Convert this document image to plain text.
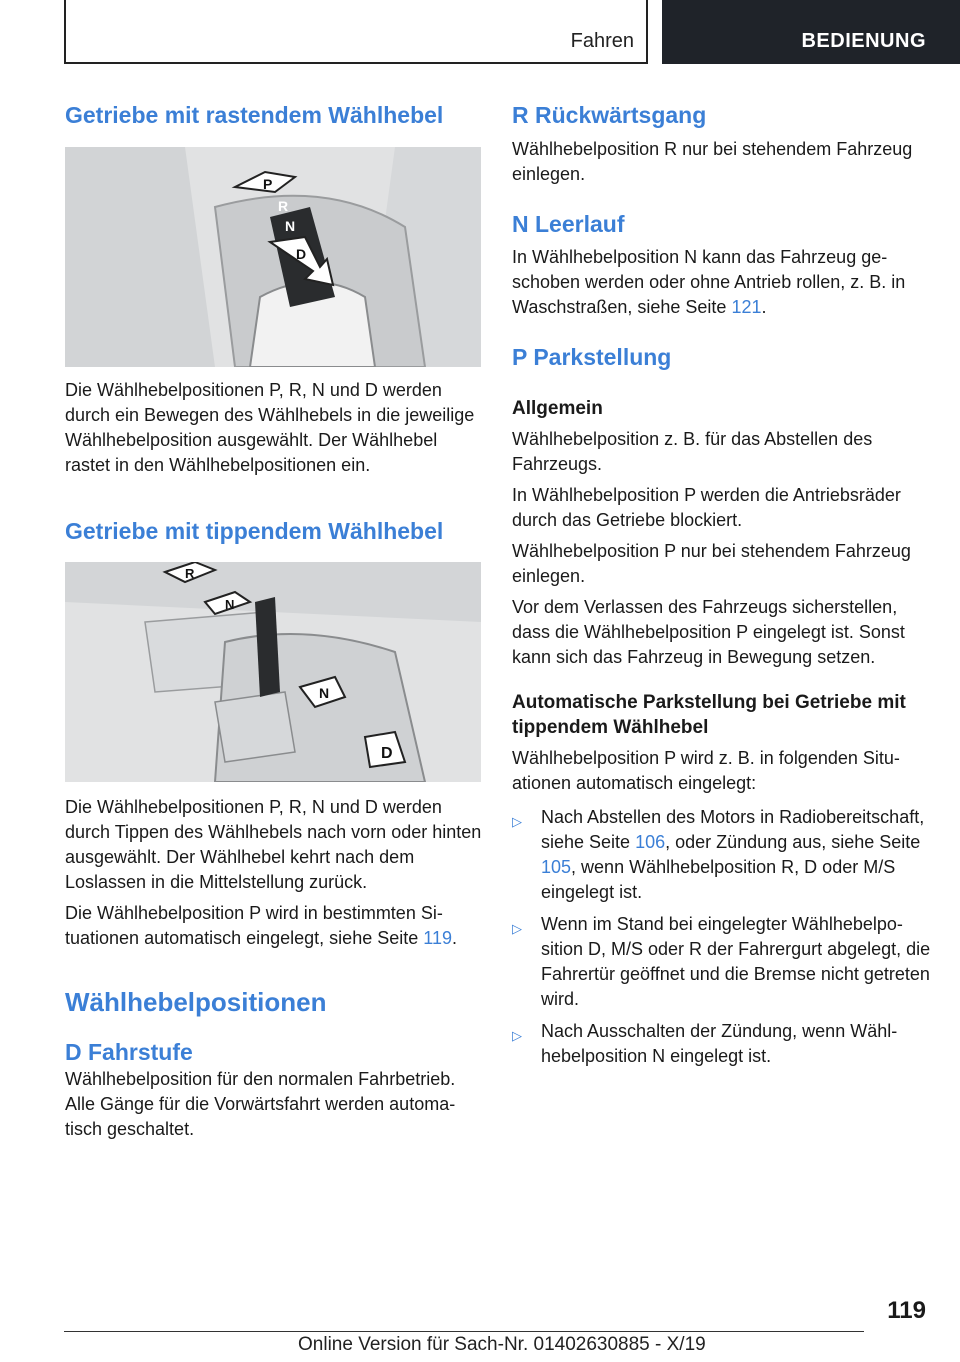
Fahren	BEDIENUNG
Getriebe mit rastendem Wählhebel
P
R
N
D

Die Wählhebelpositionen P, R, N und D werden durch ein Bewegen des Wählhebels in die jeweilige Wählhebelposition ausgewählt. Der Wählhebel rastet in den Wählhebelpositionen ein.

Getriebe mit tippendem Wählhebel
R
N
N
D

Die Wählhebelpositionen P, R, N und D werden durch Tippen des Wählhebels nach vorn oder hinten ausgewählt. Der Wählhebel kehrt nach dem Loslassen in die Mittelstellung zurück.

Die Wählhebelposition P wird in bestimmten Situationen automatisch eingelegt, siehe Seite 119.

Wählhebelpositionen
D Fahrstufe

Wählhebelposition für den normalen Fahrbetrieb. Alle Gänge für die Vorwärtsfahrt werden automatisch geschaltet.

R Rückwärtsgang

Wählhebelposition R nur bei stehendem Fahrzeug einlegen.

N Leerlauf

In Wählhebelposition N kann das Fahrzeug geschoben werden oder ohne Antrieb rollen, z. B. in Waschstraßen, siehe Seite 121.

P Parkstellung
Allgemein

Wählhebelposition z. B. für das Abstellen des Fahrzeugs.

In Wählhebelposition P werden die Antriebsräder durch das Getriebe blockiert.

Wählhebelposition P nur bei stehendem Fahrzeug einlegen.

Vor dem Verlassen des Fahrzeugs sicherstellen, dass die Wählhebelposition P eingelegt ist. Sonst kann sich das Fahrzeug in Bewegung setzen.

Automatische Parkstellung bei Getriebe mit tippendem Wählhebel

Wählhebelposition P wird z. B. in folgenden Situationen automatisch eingelegt:

▷ Nach Abstellen des Motors in Radiobereitschaft, siehe Seite 106, oder Zündung aus, siehe Seite 105, wenn Wählhebelposition R, D oder M/S eingelegt ist.
▷ Wenn im Stand bei eingelegter Wählhebelposition D, M/S oder R der Fahrergurt abgelegt, die Fahrertür geöffnet und die Bremse nicht getreten wird.
▷ Nach Ausschalten der Zündung, wenn Wählhebelposition N eingelegt ist.
119
Online Version für Sach-Nr. 01402630885 - X/19
